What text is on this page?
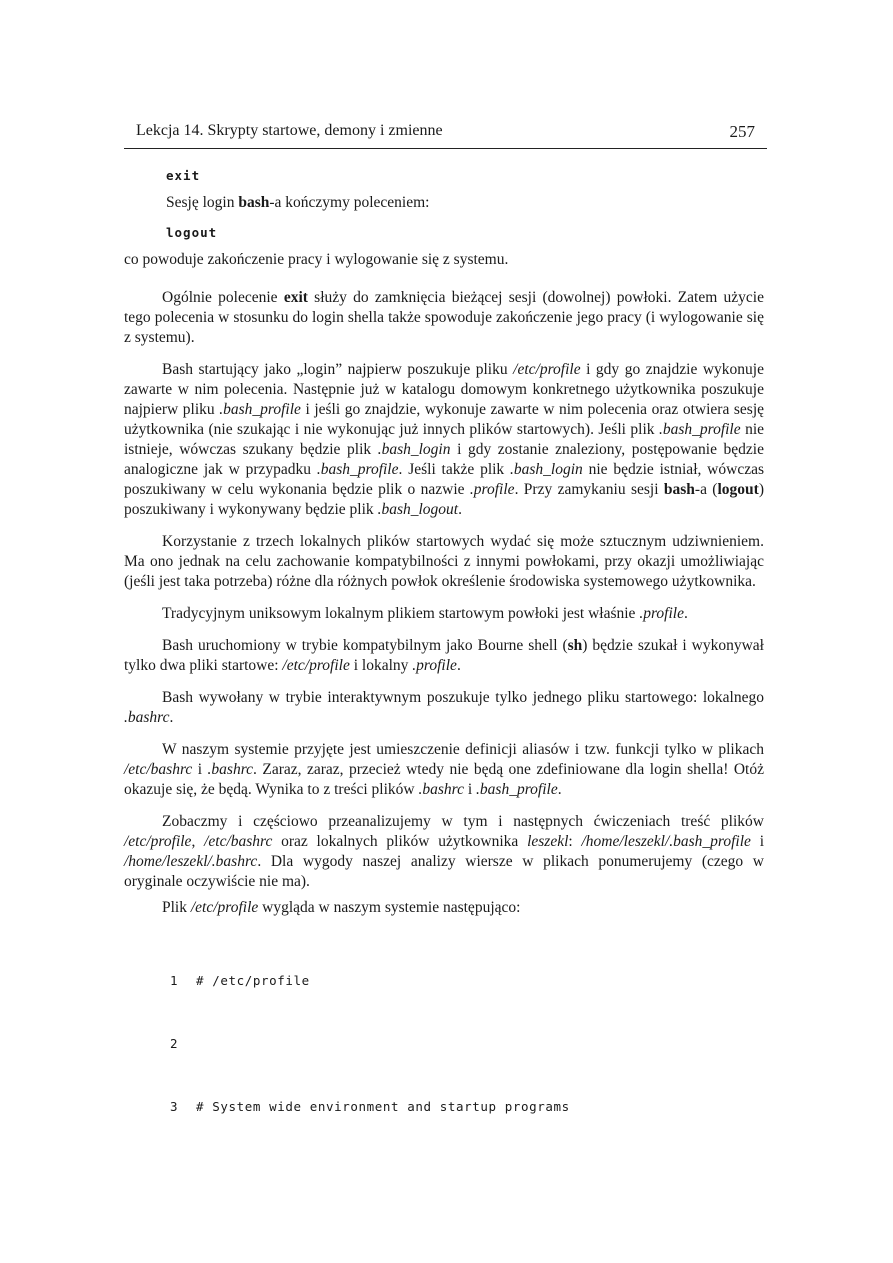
Lekcja 14. Skrypty startowe, demony i zmienne	257
exit
Sesję login bash-a kończymy poleceniem:
logout
co powoduje zakończenie pracy i wylogowanie się z systemu.
Ogólnie polecenie exit służy do zamknięcia bieżącej sesji (dowolnej) powłoki. Zatem użycie tego polecenia w stosunku do login shella także spowoduje zakończenie jego pracy (i wylogowanie się z systemu).
Bash startujący jako „login” najpierw poszukuje pliku /etc/profile i gdy go znajdzie wykonuje zawarte w nim polecenia. Następnie już w katalogu domowym konkretnego użytkownika poszukuje najpierw pliku .bash_profile i jeśli go znajdzie, wykonuje zawarte w nim polecenia oraz otwiera sesję użytkownika (nie szukając i nie wykonując już innych plików startowych). Jeśli plik .bash_profile nie istnieje, wówczas szukany będzie plik .bash_login i gdy zostanie znaleziony, postępowanie będzie analogiczne jak w przypadku .bash_profile. Jeśli także plik .bash_login nie będzie istniał, wówczas poszukiwany w celu wykonania będzie plik o nazwie .profile. Przy zamykaniu sesji bash-a (logout) poszukiwany i wykonywany będzie plik .bash_logout.
Korzystanie z trzech lokalnych plików startowych wydać się może sztucznym udziwnieniem. Ma ono jednak na celu zachowanie kompatybilności z innymi powłokami, przy okazji umożliwiając (jeśli jest taka potrzeba) różne dla różnych powłok określenie środowiska systemowego użytkownika.
Tradycyjnym uniksowym lokalnym plikiem startowym powłoki jest właśnie .profile.
Bash uruchomiony w trybie kompatybilnym jako Bourne shell (sh) będzie szukał i wykonywał tylko dwa pliki startowe: /etc/profile i lokalny .profile.
Bash wywołany w trybie interaktywnym poszukuje tylko jednego pliku startowego: lokalnego .bashrc.
W naszym systemie przyjęte jest umieszczenie definicji aliasów i tzw. funkcji tylko w plikach /etc/bashrc i .bashrc. Zaraz, zaraz, przecież wtedy nie będą one zdefiniowane dla login shella! Otóż okazuje się, że będą. Wynika to z treści plików .bashrc i .bash_profile.
Zobaczmy i częściowo przeanalizujemy w tym i następnych ćwiczeniach treść plików /etc/profile, /etc/bashrc oraz lokalnych plików użytkownika leszekl: /home/leszekl/.bash_profile i /home/leszekl/.bashrc. Dla wygody naszej analizy wiersze w plikach ponumerujemy (czego w oryginale oczywiście nie ma).
Plik /etc/profile wygląda w naszym systemie następująco:

1 # /etc/profile

2

3 # System wide environment and startup programs
